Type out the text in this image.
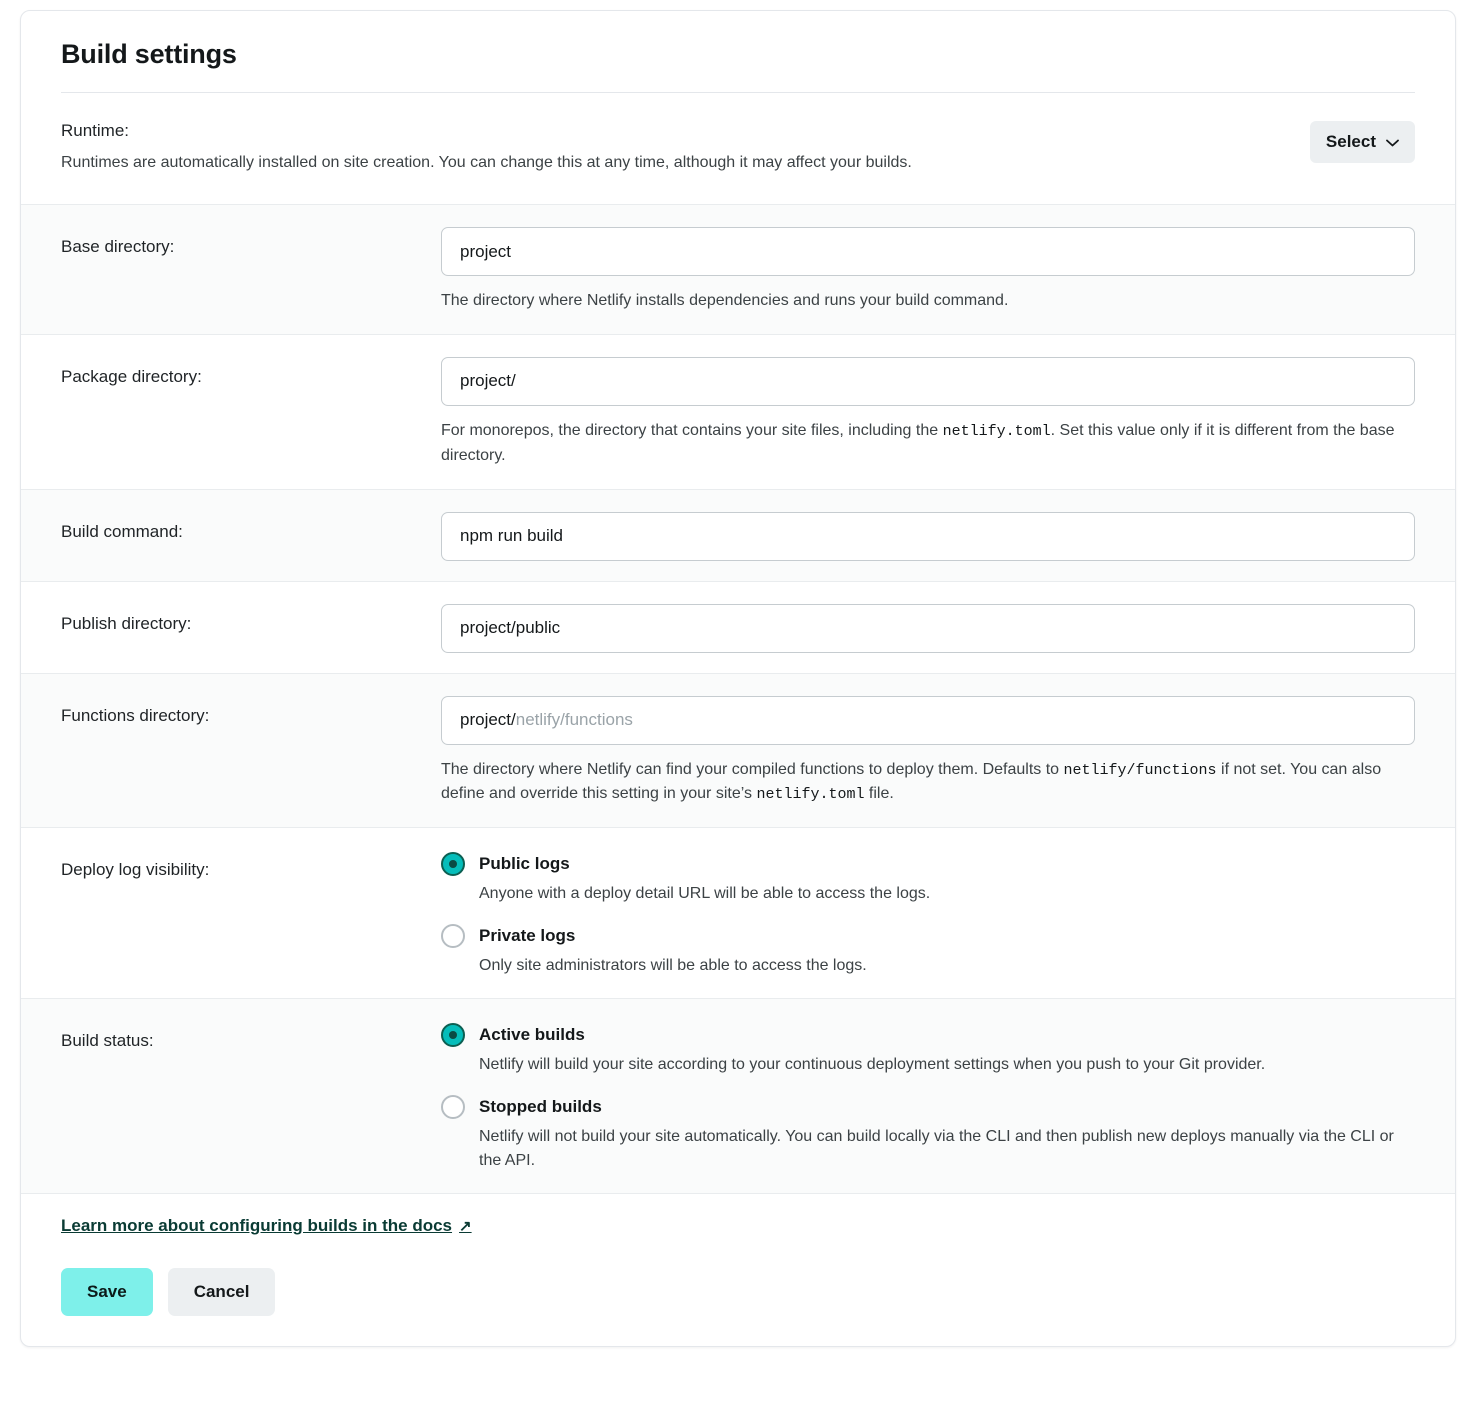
Build settings
Runtime:
Runtimes are automatically installed on site creation. You can change this at any time, although it may affect your builds.
Select
Base directory:
project
The directory where Netlify installs dependencies and runs your build command.
Package directory:
project/
For monorepos, the directory that contains your site files, including the netlify.toml. Set this value only if it is different from the base directory.
Build command:
npm run build
Publish directory:
project/public
Functions directory:	project/ netlify/functions
The directory where Netlify can find your compiled functions to deploy them. Defaults to netlify/functions if not set. You can also define and override this setting in your site’s netlify.toml file.
Deploy log visibility:	Public logs
Anyone with a deploy detail URL will be able to access the logs.
Private logs
Only site administrators will be able to access the logs.
Build status:	Active builds
Netlify will build your site according to your continuous deployment settings when you push to your Git provider.
Stopped builds
Netlify will not build your site automatically. You can build locally via the CLI and then publish new deploys manually via the CLI or the API.
Learn more about configuring builds in the docs ↗
Save	Cancel
